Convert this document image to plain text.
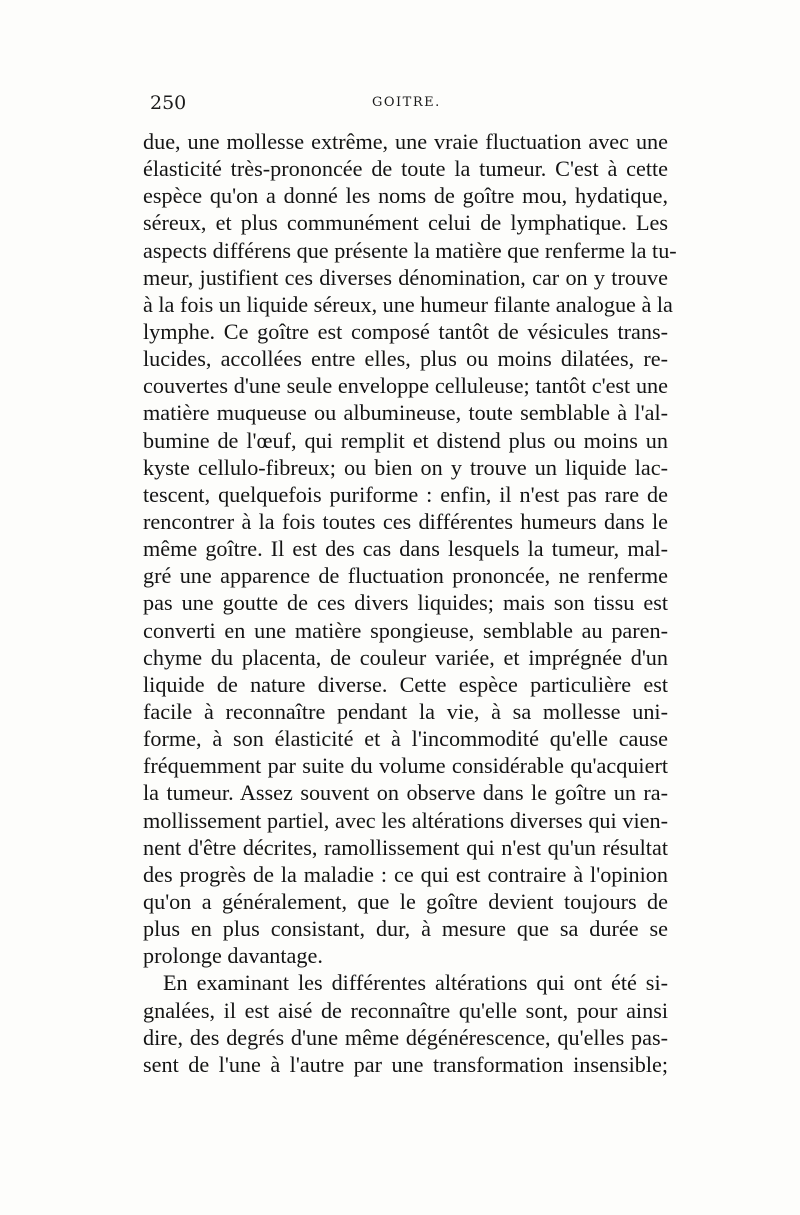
250	GOITRE.
due, une mollesse extrême, une vraie fluctuation avec une
élasticité très-prononcée de toute la tumeur. C'est à cette
espèce qu'on a donné les noms de goître mou, hydatique,
séreux, et plus communément celui de lymphatique. Les
aspects différens que présente la matière que renferme la tu-
meur, justifient ces diverses dénomination, car on y trouve
à la fois un liquide séreux, une humeur filante analogue à la
lymphe. Ce goître est composé tantôt de vésicules trans-
lucides, accollées entre elles, plus ou moins dilatées, re-
couvertes d'une seule enveloppe celluleuse; tantôt c'est une
matière muqueuse ou albumineuse, toute semblable à l'al-
bumine de l'œuf, qui remplit et distend plus ou moins un
kyste cellulo-fibreux; ou bien on y trouve un liquide lac-
tescent, quelquefois puriforme : enfin, il n'est pas rare de
rencontrer à la fois toutes ces différentes humeurs dans le
même goître. Il est des cas dans lesquels la tumeur, mal-
gré une apparence de fluctuation prononcée, ne renferme
pas une goutte de ces divers liquides; mais son tissu est
converti en une matière spongieuse, semblable au paren-
chyme du placenta, de couleur variée, et imprégnée d'un
liquide de nature diverse. Cette espèce particulière est
facile à reconnaître pendant la vie, à sa mollesse uni-
forme, à son élasticité et à l'incommodité qu'elle cause
fréquemment par suite du volume considérable qu'acquiert
la tumeur. Assez souvent on observe dans le goître un ra-
mollissement partiel, avec les altérations diverses qui vien-
nent d'être décrites, ramollissement qui n'est qu'un résultat
des progrès de la maladie : ce qui est contraire à l'opinion
qu'on a généralement, que le goître devient toujours de
plus en plus consistant, dur, à mesure que sa durée se
prolonge davantage.
En examinant les différentes altérations qui ont été si-
gnalées, il est aisé de reconnaître qu'elle sont, pour ainsi
dire, des degrés d'une même dégénérescence, qu'elles pas-
sent de l'une à l'autre par une transformation insensible;
